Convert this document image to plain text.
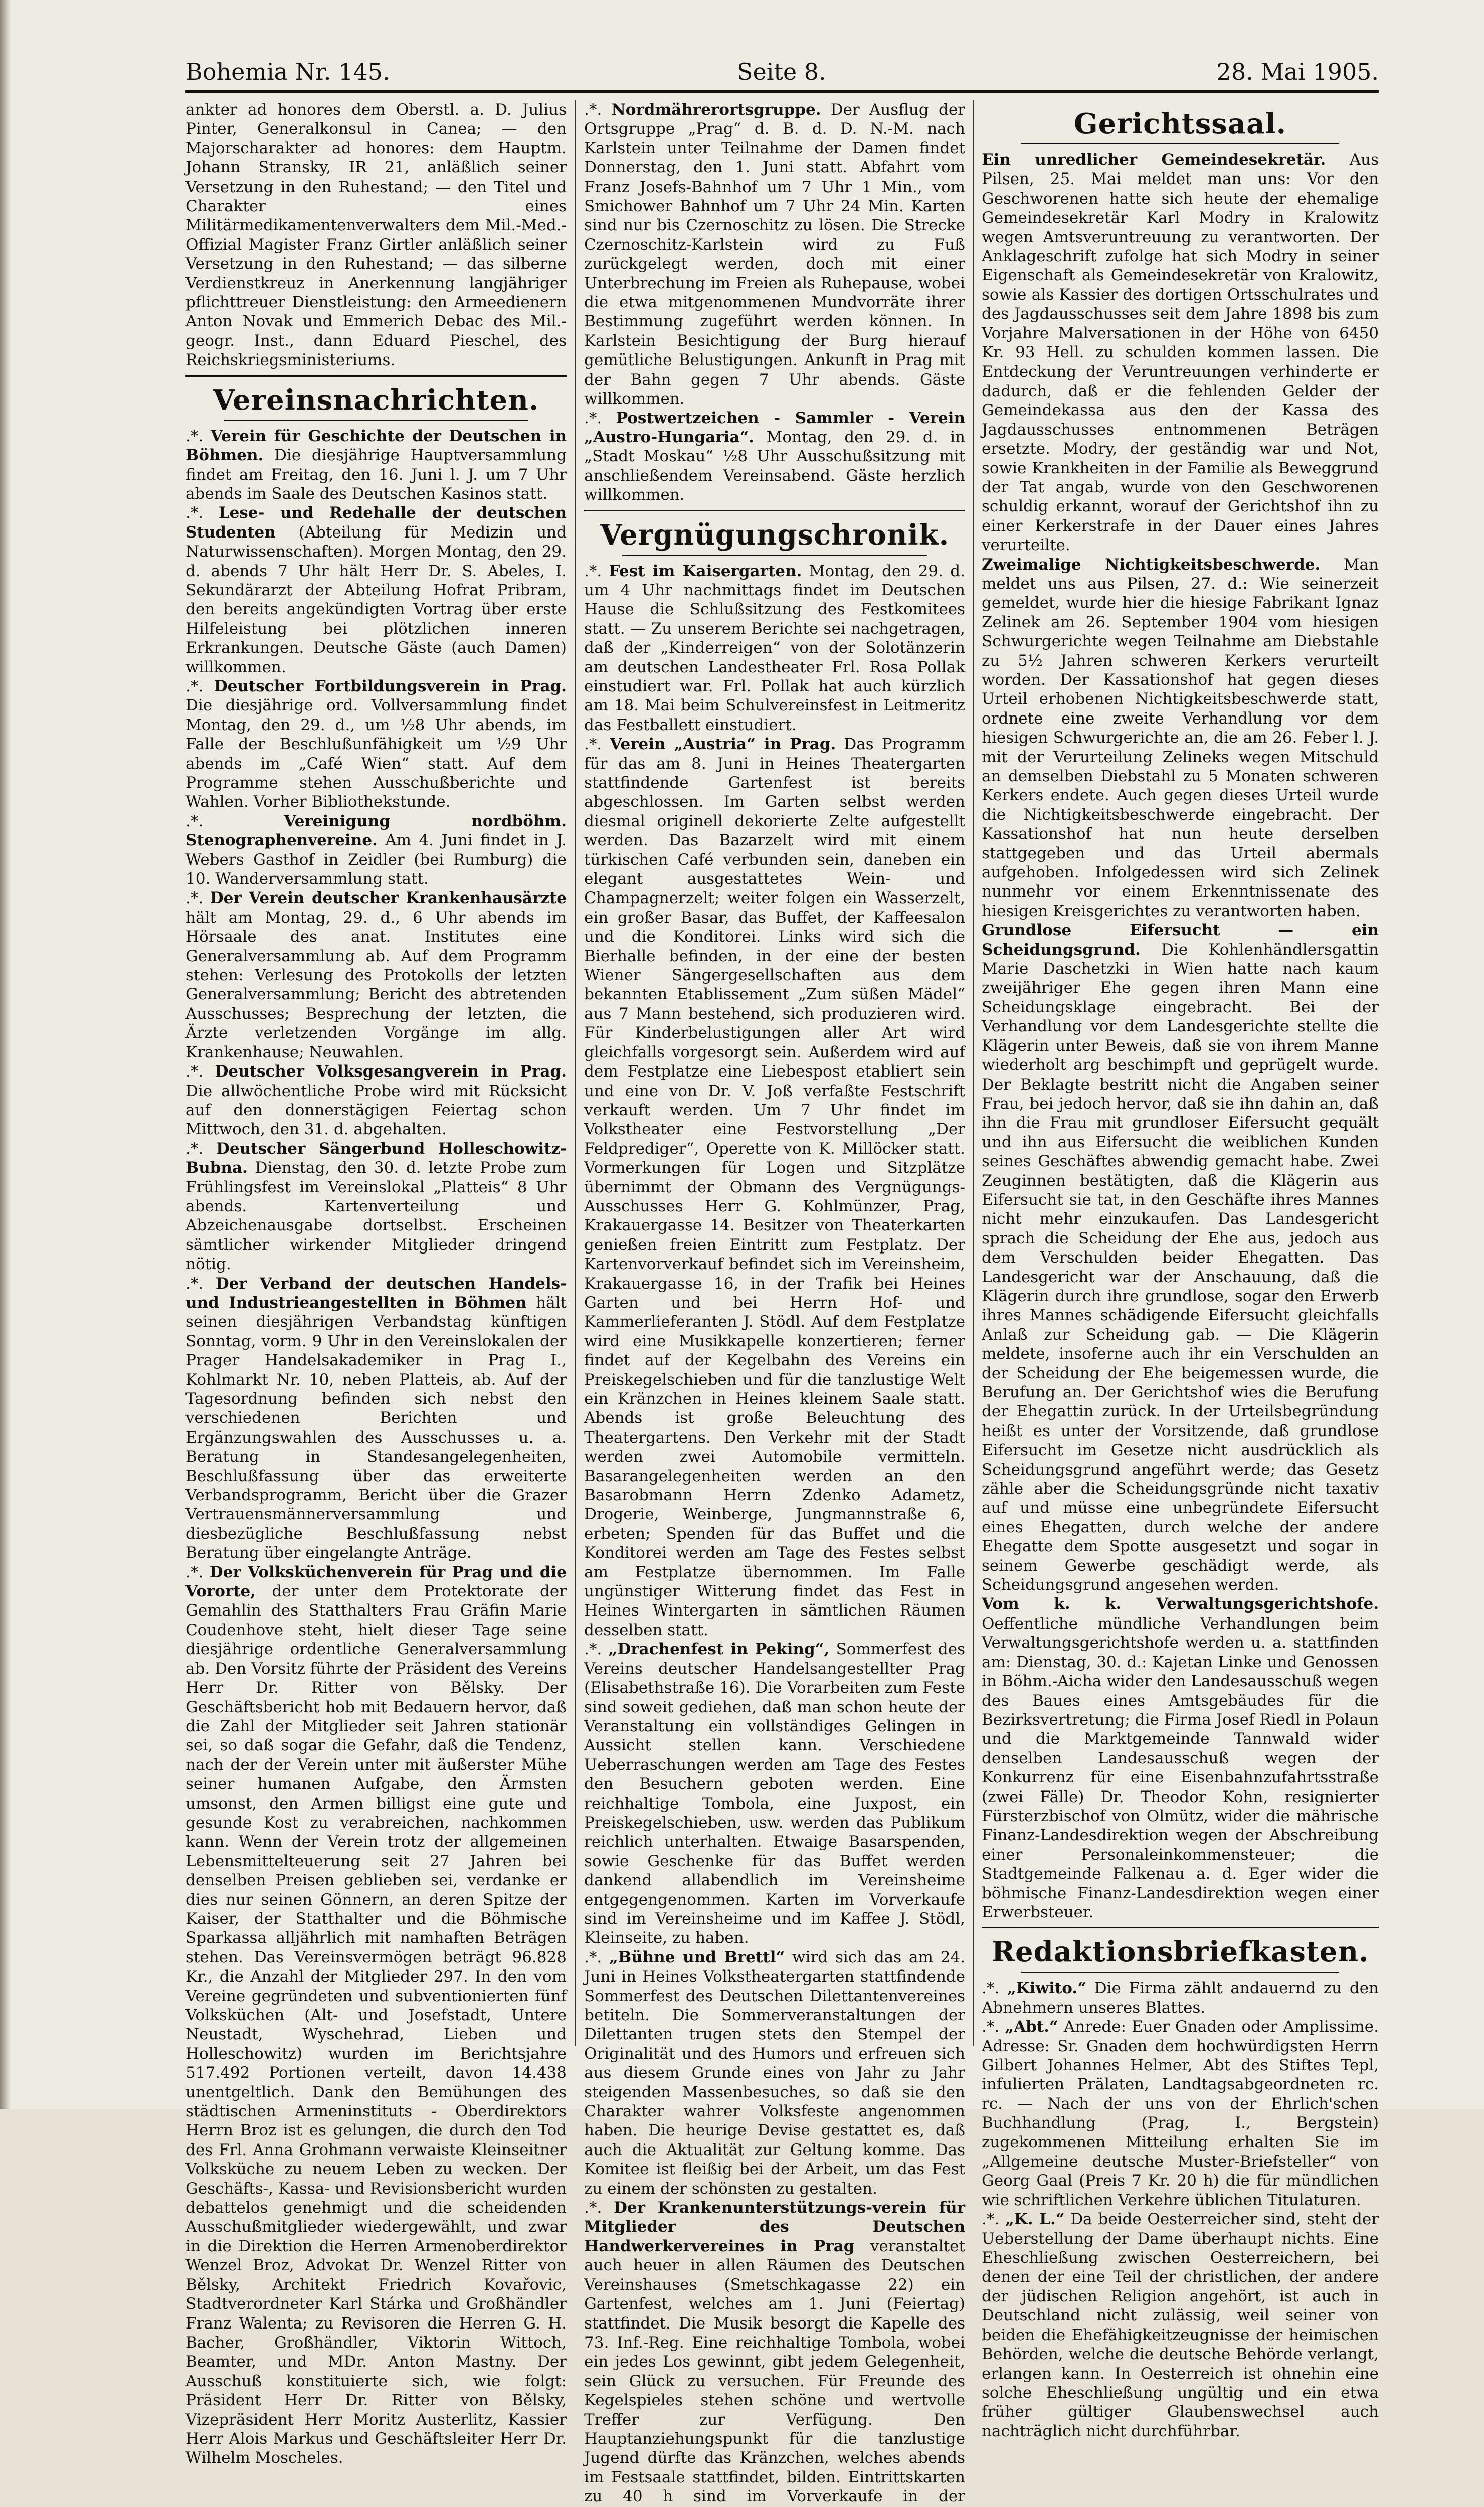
Bohemia Nr. 145.	Seite 8.	28. Mai 1905.

ankter ad honores dem Oberstl. a. D. Julius Pinter, Generalkonsul in Canea; — den Majorscharakter ad honores: dem Hauptm. Johann Stransky, IR 21, anläßlich seiner Versetzung in den Ruhestand; — den Titel und Charakter eines Militärmedikamentenverwalters dem Mil.-Med.-Offizial Magister Franz Girtler anläßlich seiner Versetzung in den Ruhestand; — das silberne Verdienstkreuz in Anerkennung langjähriger pflichttreuer Dienstleistung: den Armeedienern Anton Novak und Emmerich Debac des Mil.-geogr. Inst., dann Eduard Pieschel, des Reichskriegsministeriums.

Vereinsnachrichten.

.*. Verein für Geschichte der Deutschen in Böhmen. Die diesjährige Hauptversammlung findet am Freitag, den 16. Juni l. J. um 7 Uhr abends im Saale des Deutschen Kasinos statt.

.*. Lese- und Redehalle der deutschen Studenten (Abteilung für Medizin und Naturwissenschaften). Morgen Montag, den 29. d. abends 7 Uhr hält Herr Dr. S. Abeles, I. Sekundärarzt der Abteilung Hofrat Pribram, den bereits angekündigten Vortrag über erste Hilfeleistung bei plötzlichen inneren Erkrankungen. Deutsche Gäste (auch Damen) willkommen.

.*. Deutscher Fortbildungsverein in Prag. Die diesjährige ord. Vollversammlung findet Montag, den 29. d., um ½8 Uhr abends, im Falle der Beschlußunfähigkeit um ½9 Uhr abends im „Café Wien“ statt. Auf dem Programme stehen Ausschußberichte und Wahlen. Vorher Bibliothekstunde.

.*. Vereinigung nordböhm. Stenographenvereine. Am 4. Juni findet in J. Webers Gasthof in Zeidler (bei Rumburg) die 10. Wanderversammlung statt.

.*. Der Verein deutscher Krankenhausärzte hält am Montag, 29. d., 6 Uhr abends im Hörsaale des anat. Institutes eine Generalversammlung ab. Auf dem Programm stehen: Verlesung des Protokolls der letzten Generalversammlung; Bericht des abtretenden Ausschusses; Besprechung der letzten, die Ärzte verletzenden Vorgänge im allg. Krankenhause; Neuwahlen.

.*. Deutscher Volksgesangverein in Prag. Die allwöchentliche Probe wird mit Rücksicht auf den donnerstägigen Feiertag schon Mittwoch, den 31. d. abgehalten.

.*. Deutscher Sängerbund Holleschowitz-Bubna. Dienstag, den 30. d. letzte Probe zum Frühlingsfest im Vereinslokal „Platteis“ 8 Uhr abends. Kartenverteilung und Abzeichenausgabe dortselbst. Erscheinen sämtlicher wirkender Mitglieder dringend nötig.

.*. Der Verband der deutschen Handels- und Industrieangestellten in Böhmen hält seinen diesjährigen Verbandstag künftigen Sonntag, vorm. 9 Uhr in den Vereinslokalen der Prager Handelsakademiker in Prag I., Kohlmarkt Nr. 10, neben Platteis, ab. Auf der Tagesordnung befinden sich nebst den verschiedenen Berichten und Ergänzungswahlen des Ausschusses u. a. Beratung in Standesangelegenheiten, Beschlußfassung über das erweiterte Verbandsprogramm, Bericht über die Grazer Vertrauensmännerversammlung und diesbezügliche Beschlußfassung nebst Beratung über eingelangte Anträge.

.*. Der Volksküchenverein für Prag und die Vororte, der unter dem Protektorate der Gemahlin des Statthalters Frau Gräfin Marie Coudenhove steht, hielt dieser Tage seine diesjährige ordentliche Generalversammlung ab. Den Vorsitz führte der Präsident des Vereins Herr Dr. Ritter von Bělsky. Der Geschäftsbericht hob mit Bedauern hervor, daß die Zahl der Mitglieder seit Jahren stationär sei, so daß sogar die Gefahr, daß die Tendenz, nach der der Verein unter mit äußerster Mühe seiner humanen Aufgabe, den Ärmsten umsonst, den Armen billigst eine gute und gesunde Kost zu verabreichen, nachkommen kann. Wenn der Verein trotz der allgemeinen Lebensmittelteuerung seit 27 Jahren bei denselben Preisen geblieben sei, verdanke er dies nur seinen Gönnern, an deren Spitze der Kaiser, der Statthalter und die Böhmische Sparkassa alljährlich mit namhaften Beträgen stehen. Das Vereinsvermögen beträgt 96.828 Kr., die Anzahl der Mitglieder 297. In den vom Vereine gegründeten und subventionierten fünf Volksküchen (Alt- und Josefstadt, Untere Neustadt, Wyschehrad, Lieben und Holleschowitz) wurden im Berichtsjahre 517.492 Portionen verteilt, davon 14.438 unentgeltlich. Dank den Bemühungen des städtischen Armeninstituts - Oberdirektors Herrn Broz ist es gelungen, die durch den Tod des Frl. Anna Grohmann verwaiste Kleinseitner Volksküche zu neuem Leben zu wecken. Der Geschäfts-, Kassa- und Revisionsbericht wurden debattelos genehmigt und die scheidenden Ausschußmitglieder wiedergewählt, und zwar in die Direktion die Herren Armenoberdirektor Wenzel Broz, Advokat Dr. Wenzel Ritter von Bělsky, Architekt Friedrich Kovařovic, Stadtverordneter Karl Stárka und Großhändler Franz Walenta; zu Revisoren die Herren G. H. Bacher, Großhändler, Viktorin Wittoch, Beamter, und MDr. Anton Mastny. Der Ausschuß konstituierte sich, wie folgt: Präsident Herr Dr. Ritter von Bělsky, Vizepräsident Herr Moritz Austerlitz, Kassier Herr Alois Markus und Geschäftsleiter Herr Dr. Wilhelm Moscheles.

.*. Nordmährerortsgruppe. Der Ausflug der Ortsgruppe „Prag“ d. B. d. D. N.-M. nach Karlstein unter Teilnahme der Damen findet Donnerstag, den 1. Juni statt. Abfahrt vom Franz Josefs-Bahnhof um 7 Uhr 1 Min., vom Smichower Bahnhof um 7 Uhr 24 Min. Karten sind nur bis Czernoschitz zu lösen. Die Strecke Czernoschitz-Karlstein wird zu Fuß zurückgelegt werden, doch mit einer Unterbrechung im Freien als Ruhepause, wobei die etwa mitgenommenen Mundvorräte ihrer Bestimmung zugeführt werden können. In Karlstein Besichtigung der Burg hierauf gemütliche Belustigungen. Ankunft in Prag mit der Bahn gegen 7 Uhr abends. Gäste willkommen.

.*. Postwertzeichen - Sammler - Verein „Austro-Hungaria“. Montag, den 29. d. in „Stadt Moskau“ ½8 Uhr Ausschußsitzung mit anschließendem Vereinsabend. Gäste herzlich willkommen.

Vergnügungschronik.

.*. Fest im Kaisergarten. Montag, den 29. d. um 4 Uhr nachmittags findet im Deutschen Hause die Schlußsitzung des Festkomitees statt. — Zu unserem Berichte sei nachgetragen, daß der „Kinderreigen“ von der Solotänzerin am deutschen Landestheater Frl. Rosa Pollak einstudiert war. Frl. Pollak hat auch kürzlich am 18. Mai beim Schulvereinsfest in Leitmeritz das Festballett einstudiert.

.*. Verein „Austria“ in Prag. Das Programm für das am 8. Juni in Heines Theatergarten stattfindende Gartenfest ist bereits abgeschlossen. Im Garten selbst werden diesmal originell dekorierte Zelte aufgestellt werden. Das Bazarzelt wird mit einem türkischen Café verbunden sein, daneben ein elegant ausgestattetes Wein- und Champagnerzelt; weiter folgen ein Wasserzelt, ein großer Basar, das Buffet, der Kaffeesalon und die Konditorei. Links wird sich die Bierhalle befinden, in der eine der besten Wiener Sängergesellschaften aus dem bekannten Etablissement „Zum süßen Mädel“ aus 7 Mann bestehend, sich produzieren wird. Für Kinderbelustigungen aller Art wird gleichfalls vorgesorgt sein. Außerdem wird auf dem Festplatze eine Liebespost etabliert sein und eine von Dr. V. Joß verfaßte Festschrift verkauft werden. Um 7 Uhr findet im Volkstheater eine Festvorstellung „Der Feldprediger“, Operette von K. Millöcker statt. Vormerkungen für Logen und Sitzplätze übernimmt der Obmann des Vergnügungs-Ausschusses Herr G. Kohlmünzer, Prag, Krakauergasse 14. Besitzer von Theaterkarten genießen freien Eintritt zum Festplatz. Der Kartenvorverkauf befindet sich im Vereinsheim, Krakauergasse 16, in der Trafik bei Heines Garten und bei Herrn Hof- und Kammerlieferanten J. Stödl. Auf dem Festplatze wird eine Musikkapelle konzertieren; ferner findet auf der Kegelbahn des Vereins ein Preiskegelschieben und für die tanzlustige Welt ein Kränzchen in Heines kleinem Saale statt. Abends ist große Beleuchtung des Theatergartens. Den Verkehr mit der Stadt werden zwei Automobile vermitteln. Basarangelegenheiten werden an den Basarobmann Herrn Zdenko Adametz, Drogerie, Weinberge, Jungmannstraße 6, erbeten; Spenden für das Buffet und die Konditorei werden am Tage des Festes selbst am Festplatze übernommen. Im Falle ungünstiger Witterung findet das Fest in Heines Wintergarten in sämtlichen Räumen desselben statt.

.*. „Drachenfest in Peking“, Sommerfest des Vereins deutscher Handelsangestellter Prag (Elisabethstraße 16). Die Vorarbeiten zum Feste sind soweit gediehen, daß man schon heute der Veranstaltung ein vollständiges Gelingen in Aussicht stellen kann. Verschiedene Ueberraschungen werden am Tage des Festes den Besuchern geboten werden. Eine reichhaltige Tombola, eine Juxpost, ein Preiskegelschieben, usw. werden das Publikum reichlich unterhalten. Etwaige Basarspenden, sowie Geschenke für das Buffet werden dankend allabendlich im Vereinsheime entgegengenommen. Karten im Vorverkaufe sind im Vereinsheime und im Kaffee J. Stödl, Kleinseite, zu haben.

.*. „Bühne und Brettl“ wird sich das am 24. Juni in Heines Volkstheatergarten stattfindende Sommerfest des Deutschen Dilettantenvereines betiteln. Die Sommerveranstaltungen der Dilettanten trugen stets den Stempel der Originalität und des Humors und erfreuen sich aus diesem Grunde eines von Jahr zu Jahr steigenden Massenbesuches, so daß sie den Charakter wahrer Volksfeste angenommen haben. Die heurige Devise gestattet es, daß auch die Aktualität zur Geltung komme. Das Komitee ist fleißig bei der Arbeit, um das Fest zu einem der schönsten zu gestalten.

.*. Der Krankenunterstützungs-verein für Mitglieder des Deutschen Handwerkervereines in Prag veranstaltet auch heuer in allen Räumen des Deutschen Vereinshauses (Smetschkagasse 22) ein Gartenfest, welches am 1. Juni (Feiertag) stattfindet. Die Musik besorgt die Kapelle des 73. Inf.-Reg. Eine reichhaltige Tombola, wobei ein jedes Los gewinnt, gibt jedem Gelegenheit, sein Glück zu versuchen. Für Freunde des Kegelspieles stehen schöne und wertvolle Treffer zur Verfügung. Den Hauptanziehungspunkt für die tanzlustige Jugend dürfte das Kränzchen, welches abends im Festsaale stattfindet, bilden. Eintrittskarten zu 40 h sind im Vorverkaufe in der

Gerichtssaal.

Ein unredlicher Gemeindesekretär. Aus Pilsen, 25. Mai meldet man uns: Vor den Geschworenen hatte sich heute der ehemalige Gemeindesekretär Karl Modry in Kralowitz wegen Amtsveruntreuung zu verantworten. Der Anklageschrift zufolge hat sich Modry in seiner Eigenschaft als Gemeindesekretär von Kralowitz, sowie als Kassier des dortigen Ortsschulrates und des Jagdausschusses seit dem Jahre 1898 bis zum Vorjahre Malversationen in der Höhe von 6450 Kr. 93 Hell. zu schulden kommen lassen. Die Entdeckung der Veruntreuungen verhinderte er dadurch, daß er die fehlenden Gelder der Gemeindekassa aus den der Kassa des Jagdausschusses entnommenen Beträgen ersetzte. Modry, der geständig war und Not, sowie Krankheiten in der Familie als Beweggrund der Tat angab, wurde von den Geschworenen schuldig erkannt, worauf der Gerichtshof ihn zu einer Kerkerstrafe in der Dauer eines Jahres verurteilte.

Zweimalige Nichtigkeitsbeschwerde. Man meldet uns aus Pilsen, 27. d.: Wie seinerzeit gemeldet, wurde hier die hiesige Fabrikant Ignaz Zelinek am 26. September 1904 vom hiesigen Schwurgerichte wegen Teilnahme am Diebstahle zu 5½ Jahren schweren Kerkers verurteilt worden. Der Kassationshof hat gegen dieses Urteil erhobenen Nichtigkeitsbeschwerde statt, ordnete eine zweite Verhandlung vor dem hiesigen Schwurgerichte an, die am 26. Feber l. J. mit der Verurteilung Zelineks wegen Mitschuld an demselben Diebstahl zu 5 Monaten schweren Kerkers endete. Auch gegen dieses Urteil wurde die Nichtigkeitsbeschwerde eingebracht. Der Kassationshof hat nun heute derselben stattgegeben und das Urteil abermals aufgehoben. Infolgedessen wird sich Zelinek nunmehr vor einem Erkenntnissenate des hiesigen Kreisgerichtes zu verantworten haben.

Grundlose Eifersucht — ein Scheidungsgrund. Die Kohlenhändlersgattin Marie Daschetzki in Wien hatte nach kaum zweijähriger Ehe gegen ihren Mann eine Scheidungsklage eingebracht. Bei der Verhandlung vor dem Landesgerichte stellte die Klägerin unter Beweis, daß sie von ihrem Manne wiederholt arg beschimpft und geprügelt wurde. Der Beklagte bestritt nicht die Angaben seiner Frau, bei jedoch hervor, daß sie ihn dahin an, daß ihn die Frau mit grundloser Eifersucht gequält und ihn aus Eifersucht die weiblichen Kunden seines Geschäftes abwendig gemacht habe. Zwei Zeuginnen bestätigten, daß die Klägerin aus Eifersucht sie tat, in den Geschäfte ihres Mannes nicht mehr einzukaufen. Das Landesgericht sprach die Scheidung der Ehe aus, jedoch aus dem Verschulden beider Ehegatten. Das Landesgericht war der Anschauung, daß die Klägerin durch ihre grundlose, sogar den Erwerb ihres Mannes schädigende Eifersucht gleichfalls Anlaß zur Scheidung gab. — Die Klägerin meldete, insoferne auch ihr ein Verschulden an der Scheidung der Ehe beigemessen wurde, die Berufung an. Der Gerichtshof wies die Berufung der Ehegattin zurück. In der Urteilsbegründung heißt es unter der Vorsitzende, daß grundlose Eifersucht im Gesetze nicht ausdrücklich als Scheidungsgrund angeführt werde; das Gesetz zähle aber die Scheidungsgründe nicht taxativ auf und müsse eine unbegründete Eifersucht eines Ehegatten, durch welche der andere Ehegatte dem Spotte ausgesetzt und sogar in seinem Gewerbe geschädigt werde, als Scheidungsgrund angesehen werden.

Vom k. k. Verwaltungsgerichtshofe. Oeffentliche mündliche Verhandlungen beim Verwaltungsgerichtshofe werden u. a. stattfinden am: Dienstag, 30. d.: Kajetan Linke und Genossen in Böhm.-Aicha wider den Landesausschuß wegen des Baues eines Amtsgebäudes für die Bezirksvertretung; die Firma Josef Riedl in Polaun und die Marktgemeinde Tannwald wider denselben Landesausschuß wegen der Konkurrenz für eine Eisenbahnzufahrtsstraße (zwei Fälle) Dr. Theodor Kohn, resignierter Fürsterzbischof von Olmütz, wider die mährische Finanz-Landesdirektion wegen der Abschreibung einer Personaleinkommensteuer; die Stadtgemeinde Falkenau a. d. Eger wider die böhmische Finanz-Landesdirektion wegen einer Erwerbsteuer.

Redaktionsbriefkasten.

.*. „Kiwito.“ Die Firma zählt andauernd zu den Abnehmern unseres Blattes.

.*. „Abt.“ Anrede: Euer Gnaden oder Amplissime. Adresse: Sr. Gnaden dem hochwürdigsten Herrn Gilbert Johannes Helmer, Abt des Stiftes Tepl, infulierten Prälaten, Landtagsabgeordneten rc. rc. — Nach der uns von der Ehrlich'schen Buchhandlung (Prag, I., Bergstein) zugekommenen Mitteilung erhalten Sie im „Allgemeine deutsche Muster-Briefsteller“ von Georg Gaal (Preis 7 Kr. 20 h) die für mündlichen wie schriftlichen Verkehre üblichen Titulaturen.

.*. „K. L.“ Da beide Oesterreicher sind, steht der Ueberstellung der Dame überhaupt nichts. Eine Eheschließung zwischen Oesterreichern, bei denen der eine Teil der christlichen, der andere der jüdischen Religion angehört, ist auch in Deutschland nicht zulässig, weil seiner von beiden die Ehefähigkeitzeugnisse der heimischen Behörden, welche die deutsche Behörde verlangt, erlangen kann. In Oesterreich ist ohnehin eine solche Eheschließung ungültig und ein etwa früher gültiger Glaubenswechsel auch nachträglich nicht durchführbar.
